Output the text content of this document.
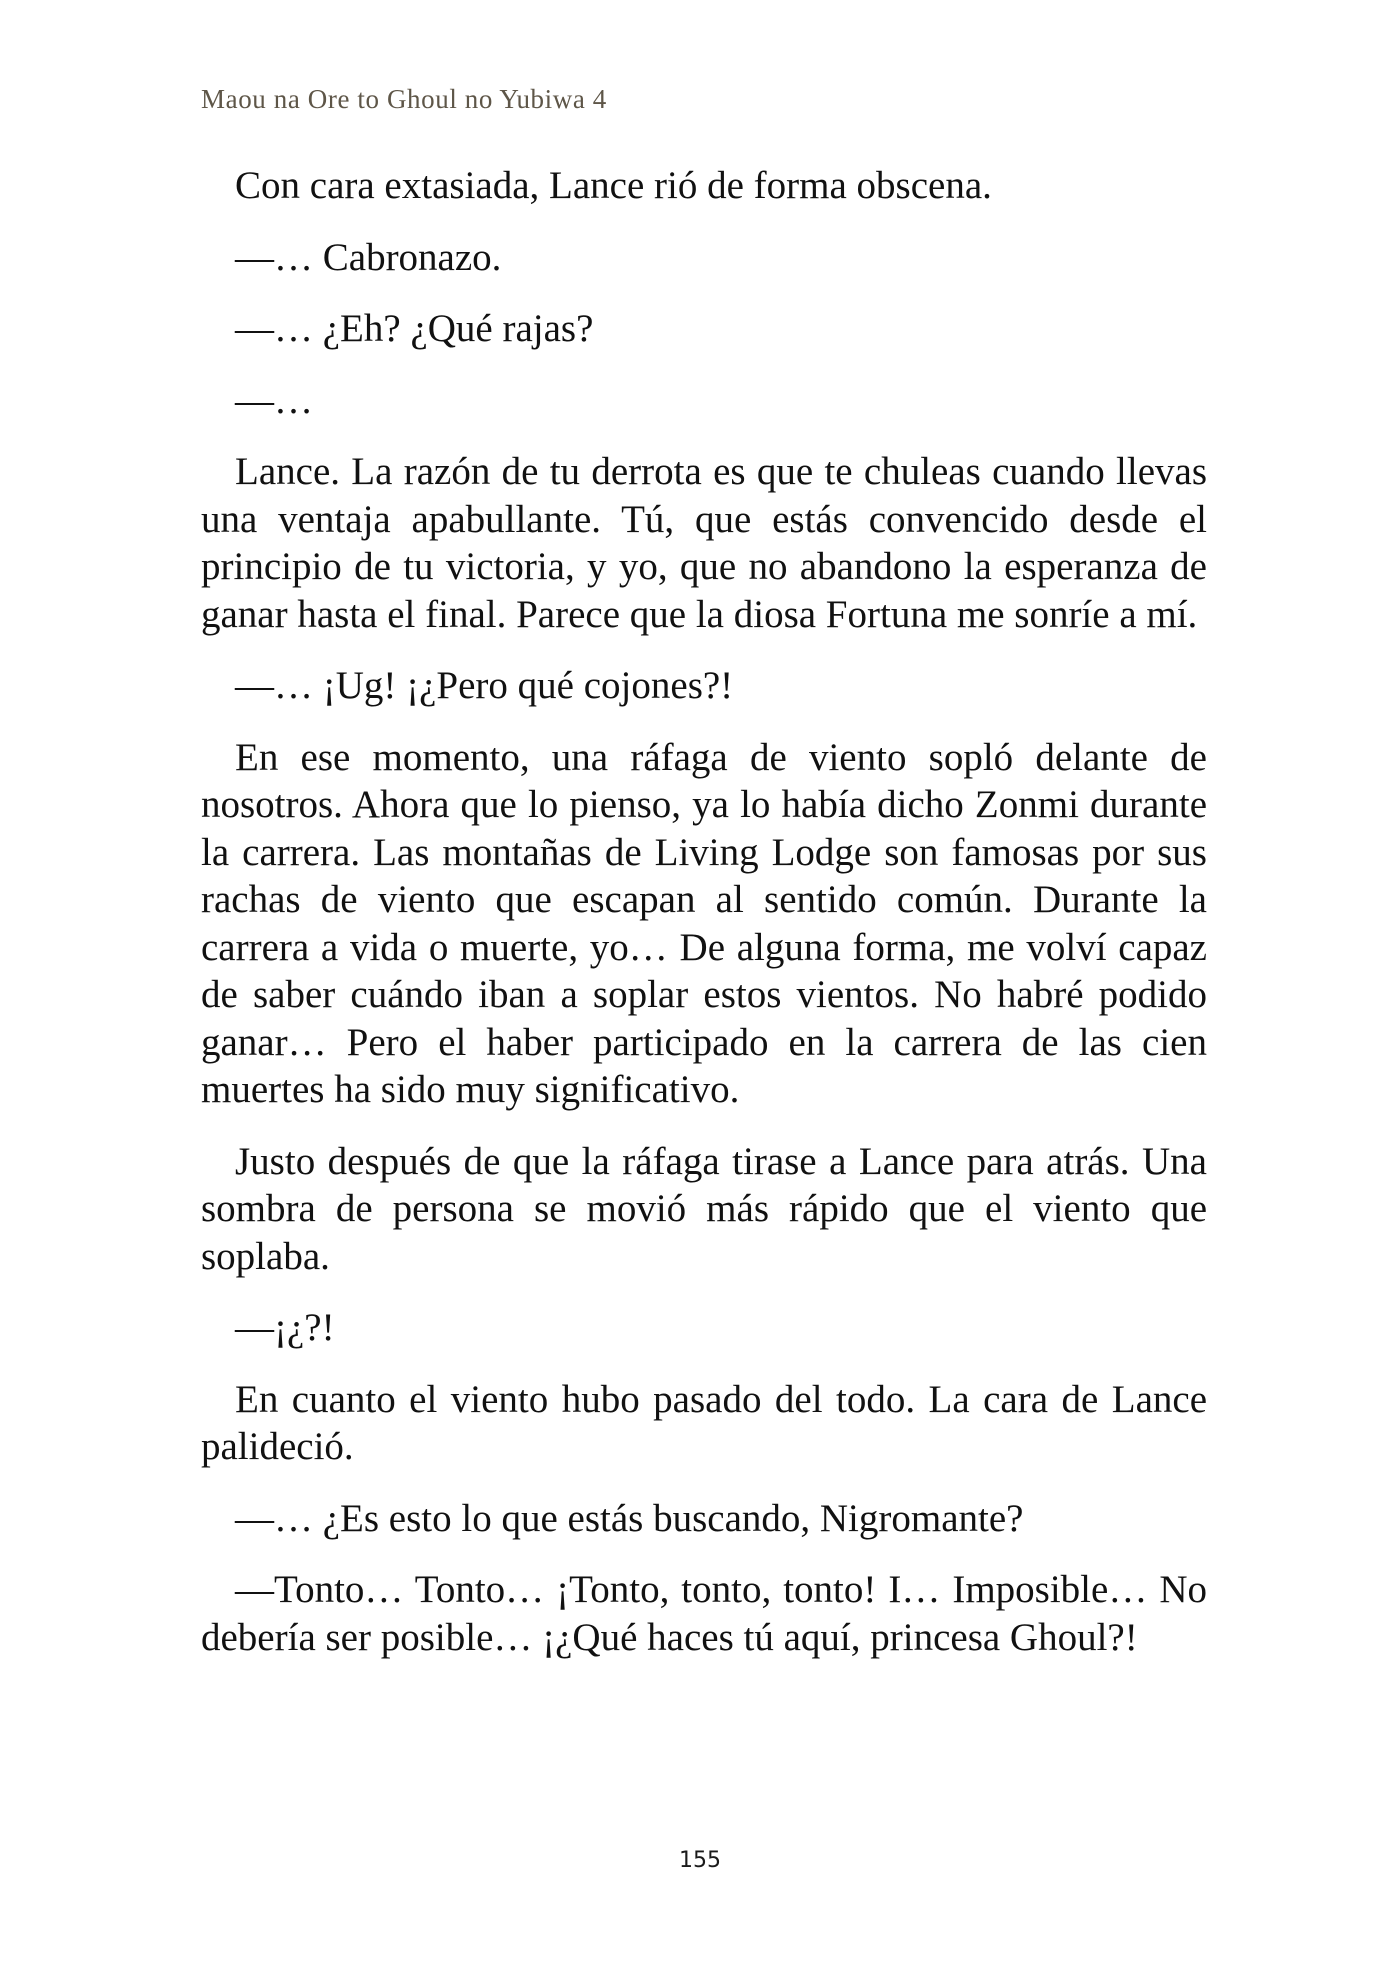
Maou na Ore to Ghoul no Yubiwa 4

Con cara extasiada, Lance rió de forma obscena.

—… Cabronazo.

—… ¿Eh? ¿Qué rajas?

—…

Lance. La razón de tu derrota es que te chuleas cuando llevas una ventaja apabullante. Tú, que estás convencido desde el principio de tu victoria, y yo, que no abandono la esperanza de ganar hasta el final. Parece que la diosa Fortuna me sonríe a mí.

—… ¡Ug! ¡¿Pero qué cojones?!

En ese momento, una ráfaga de viento sopló delante de nosotros. Ahora que lo pienso, ya lo había dicho Zonmi durante la carrera. Las montañas de Living Lodge son famosas por sus rachas de viento que escapan al sentido común. Durante la carrera a vida o muerte, yo… De alguna forma, me volví capaz de saber cuándo iban a soplar estos vientos. No habré podido ganar… Pero el haber participado en la carrera de las cien muertes ha sido muy significativo.

Justo después de que la ráfaga tirase a Lance para atrás. Una sombra de persona se movió más rápido que el viento que soplaba.

—¡¿?!

En cuanto el viento hubo pasado del todo. La cara de Lance palideció.

—… ¿Es esto lo que estás buscando, Nigromante?

—Tonto… Tonto… ¡Tonto, tonto, tonto! I… Imposible… No debería ser posible… ¡¿Qué haces tú aquí, princesa Ghoul?!

155
